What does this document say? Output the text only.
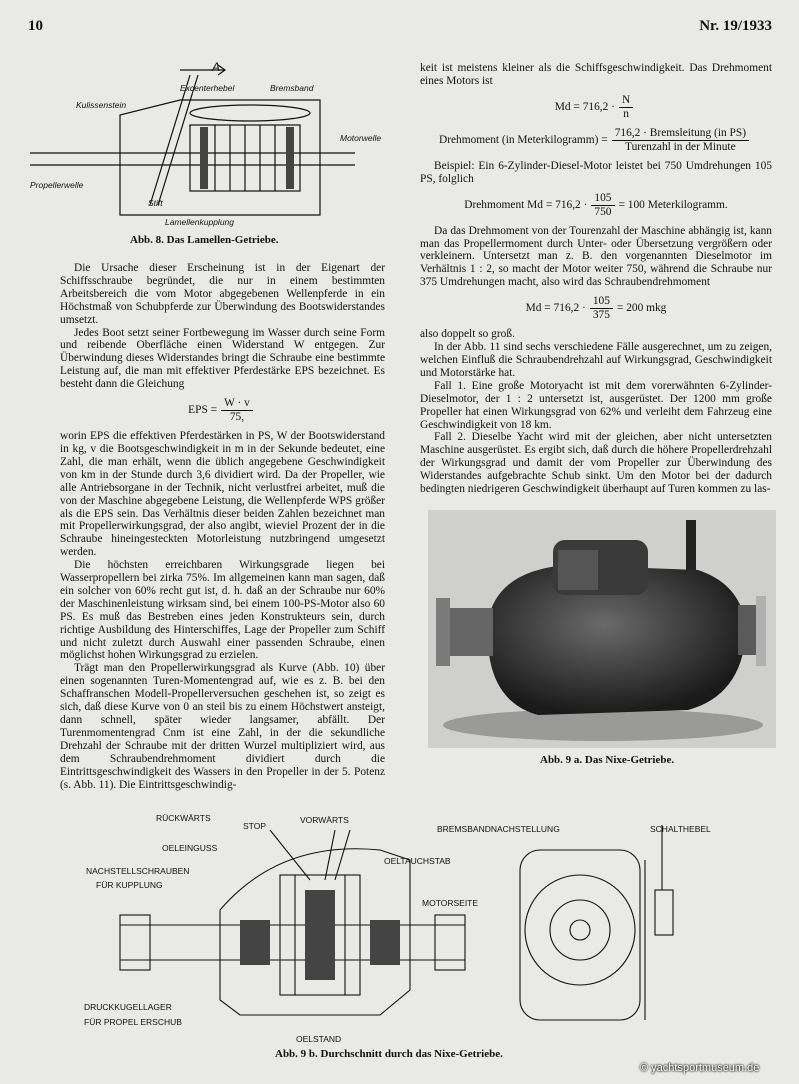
10	Nr. 19/1933
A
Excenterhebel	Bremsband
Kulissenstein
Motorwelle
Propellerwelle
Stift
Lamellenkupplung
Abb. 8. Das Lamellen-Getriebe.

Die Ursache dieser Erscheinung ist in der Eigenart der Schiffsschraube begründet, die nur in einem bestimmten Arbeitsbereich die vom Motor abgegebenen Wellenpferde in ein Höchstmaß von Schubpferde zur Überwindung des Bootswiderstandes umsetzt.

Jedes Boot setzt seiner Fortbewegung im Wasser durch seine Form und reibende Oberfläche einen Widerstand W entgegen. Zur Überwindung dieses Widerstandes bringt die Schraube eine bestimmte Leistung auf, die man mit effektiver Pferdestärke EPS bezeichnet. Es besteht dann die Gleichung

EPS = $\frac{W \cdot v}{75,}$

worin EPS die effektiven Pferdestärken in PS, W der Bootswiderstand in kg, v die Bootsgeschwindigkeit in m in der Sekunde bedeutet, eine Zahl, die man erhält, wenn die üblich angegebene Geschwindigkeit von km in der Stunde durch 3,6 dividiert wird. Da der Propeller, wie alle Antriebsorgane in der Technik, nicht verlustfrei arbeitet, muß die von der Maschine abgegebene Leistung, die Wellenpferde WPS größer als die EPS sein. Das Verhältnis dieser beiden Zahlen bezeichnet man mit Propellerwirkungsgrad, der also angibt, wieviel Prozent der in die Schraube hineingesteckten Motorleistung nutzbringend umgesetzt werden.

Die höchsten erreichbaren Wirkungsgrade liegen bei Wasserpropellern bei zirka 75%. Im allgemeinen kann man sagen, daß ein solcher von 60% recht gut ist, d. h. daß an der Schraube nur 60% der Maschinenleistung wirksam sind, bei einem 100-PS-Motor also 60 PS. Es muß das Bestreben eines jeden Konstrukteurs sein, durch richtige Ausbildung des Hinterschiffes, Lage der Propeller zum Schiff und nicht zuletzt durch Auswahl einer passenden Schraube, einen möglichst hohen Wirkungsgrad zu erzielen.

Trägt man den Propellerwirkungsgrad als Kurve (Abb. 10) über einen sogenannten Turen-Momentengrad auf, wie es z. B. bei den Schaffranschen Modell-Propellerversuchen geschehen ist, so zeigt es sich, daß diese Kurve von 0 an steil bis zu einem Höchstwert ansteigt, dann schnell, später wieder langsamer, abfällt. Der Turenmomentengrad Cnm ist eine Zahl, in der die sekundliche Drehzahl der Schraube mit der dritten Wurzel multipliziert wird, aus dem Schraubendrehmoment dividiert durch die Eintrittsgeschwindigkeit des Wassers in den Propeller in der 5. Potenz (s. Abb. 11). Die Eintrittsgeschwindig-

keit ist meistens kleiner als die Schiffsgeschwindigkeit. Das Drehmoment eines Motors ist

$Md = 716,2 \cdot \frac{N}{n}$
Drehmoment (in Meterkilogramm) = $\frac{\text{716,2 · Bremsleitung (in PS)}}{\text{Turenzahl in der Minute}}$

Beispiel: Ein 6-Zylinder-Diesel-Motor leistet bei 750 Umdrehungen 105 PS, folglich

Drehmoment $Md = 716,2 \cdot \frac{105}{750} = 100$ Meterkilogramm.

Da das Drehmoment von der Tourenzahl der Maschine abhängig ist, kann man das Propellermoment durch Unter- oder Übersetzung vergrößern oder verkleinern. Untersetzt man z. B. den vorgenannten Dieselmotor im Verhältnis 1 : 2, so macht der Motor weiter 750, während die Schraube nur 375 Umdrehungen macht, also wird das Schraubendrehmoment

$Md = 716,2 \cdot \frac{105}{375} = 200$ mkg

also doppelt so groß.

In der Abb. 11 sind sechs verschiedene Fälle ausgerechnet, um zu zeigen, welchen Einfluß die Schraubendrehzahl auf Wirkungsgrad, Geschwindigkeit und Motorstärke hat.

Fall 1. Eine große Motoryacht ist mit dem vorerwähnten 6-Zylinder-Dieselmotor, der 1 : 2 untersetzt ist, ausgerüstet. Der 1200 mm große Propeller hat einen Wirkungsgrad von 62% und verleiht dem Fahrzeug eine Geschwindigkeit von 18 km.

Fall 2. Dieselbe Yacht wird mit der gleichen, aber nicht untersetzten Maschine ausgerüstet. Es ergibt sich, daß durch die höhere Propellerdrehzahl der Wirkungsgrad und damit der vom Propeller zur Überwindung des Widerstandes aufgebrachte Schub sinkt. Um den Motor bei der dadurch bedingten niedrigeren Geschwindigkeit überhaupt auf Turen kommen zu las-

Abb. 9 a. Das Nixe-Getriebe.
RÜCKWÄRTS
STOP
VORWÄRTS
OELEINGUSS
NACHSTELLSCHRAUBEN
FÜR KUPPLUNG
OELTAUCHSTAB
MOTORSEITE
DRUCKKUGELLAGER
FÜR PROPEL ERSCHUB
OELSTAND
BREMSBANDNACHSTELLUNG	SCHALTHEBEL
Abb. 9 b. Durchschnitt durch das Nixe-Getriebe.
© yachtsportmuseum.de
